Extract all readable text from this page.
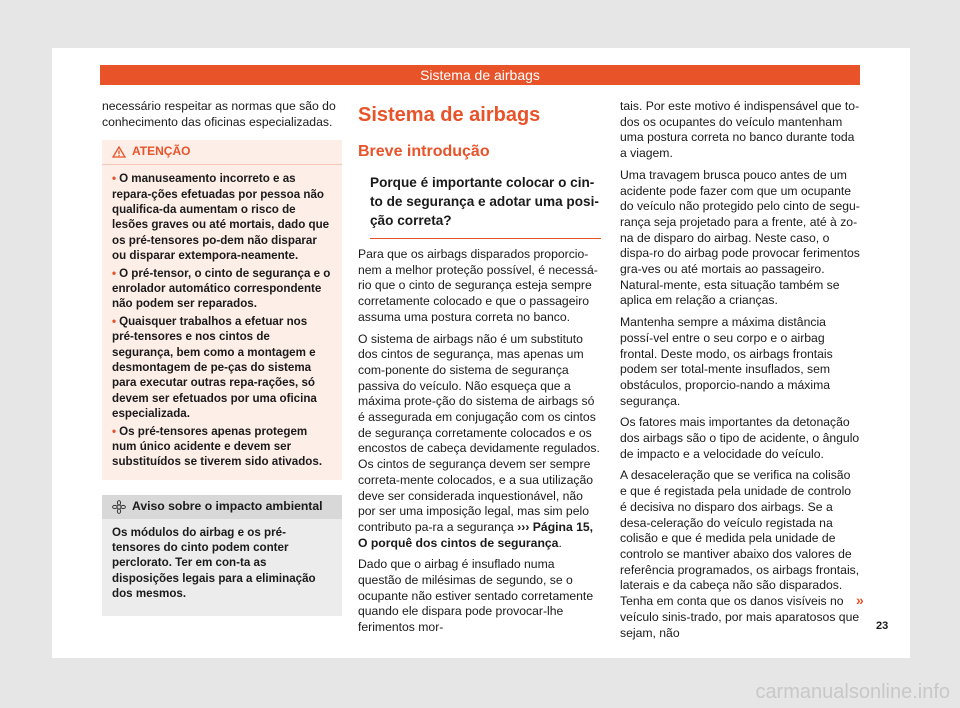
Sistema de airbags

necessário respeitar as normas que são do conhecimento das oficinas especializadas.

ATENÇÃO
• O manuseamento incorreto e as repara-ções efetuadas por pessoa não qualifica-da aumentam o risco de lesões graves ou até mortais, dado que os pré-tensores po-dem não disparar ou disparar extempora-neamente.
• O pré-tensor, o cinto de segurança e o enrolador automático correspondente não podem ser reparados.
• Quaisquer trabalhos a efetuar nos pré-tensores e nos cintos de segurança, bem como a montagem e desmontagem de pe-ças do sistema para executar outras repa-rações, só devem ser efetuados por uma oficina especializada.
• Os pré-tensores apenas protegem num único acidente e devem ser substituídos se tiverem sido ativados.
Aviso sobre o impacto ambiental

Os módulos do airbag e os pré-tensores do cinto podem conter perclorato. Ter em con-ta as disposições legais para a eliminação dos mesmos.

Sistema de airbags
Breve introdução
Porque é importante colocar o cin-to de segurança e adotar uma posi-ção correta?

Para que os airbags disparados proporcio-nem a melhor proteção possível, é necessá-rio que o cinto de segurança esteja sempre corretamente colocado e que o passageiro assuma uma postura correta no banco.

O sistema de airbags não é um substituto dos cintos de segurança, mas apenas um com-ponente do sistema de segurança passiva do veículo. Não esqueça que a máxima prote-ção do sistema de airbags só é assegurada em conjugação com os cintos de segurança corretamente colocados e os encostos de cabeça devidamente regulados. Os cintos de segurança devem ser sempre correta-mente colocados, e a sua utilização deve ser considerada inquestionável, não por ser uma imposição legal, mas sim pelo contributo pa-ra a segurança ››› Página 15, O porquê dos cintos de segurança.

Dado que o airbag é insuflado numa questão de milésimas de segundo, se o ocupante não estiver sentado corretamente quando ele dispara pode provocar-lhe ferimentos mor-

tais. Por este motivo é indispensável que to-dos os ocupantes do veículo mantenham uma postura correta no banco durante toda a viagem.

Uma travagem brusca pouco antes de um acidente pode fazer com que um ocupante do veículo não protegido pelo cinto de segu-rança seja projetado para a frente, até à zo-na de disparo do airbag. Neste caso, o dispa-ro do airbag pode provocar ferimentos gra-ves ou até mortais ao passageiro. Natural-mente, esta situação também se aplica em relação a crianças.

Mantenha sempre a máxima distância possí-vel entre o seu corpo e o airbag frontal. Deste modo, os airbags frontais podem ser total-mente insuflados, sem obstáculos, proporcio-nando a máxima segurança.

Os fatores mais importantes da detonação dos airbags são o tipo de acidente, o ângulo de impacto e a velocidade do veículo.

A desaceleração que se verifica na colisão e que é registada pela unidade de controlo é decisiva no disparo dos airbags. Se a desa-celeração do veículo registada na colisão e que é medida pela unidade de controlo se mantiver abaixo dos valores de referência programados, os airbags frontais, laterais e da cabeça não são disparados. Tenha em conta que os danos visíveis no veículo sinis-trado, por mais aparatosos que sejam, não

»
23
carmanualsonline.info
